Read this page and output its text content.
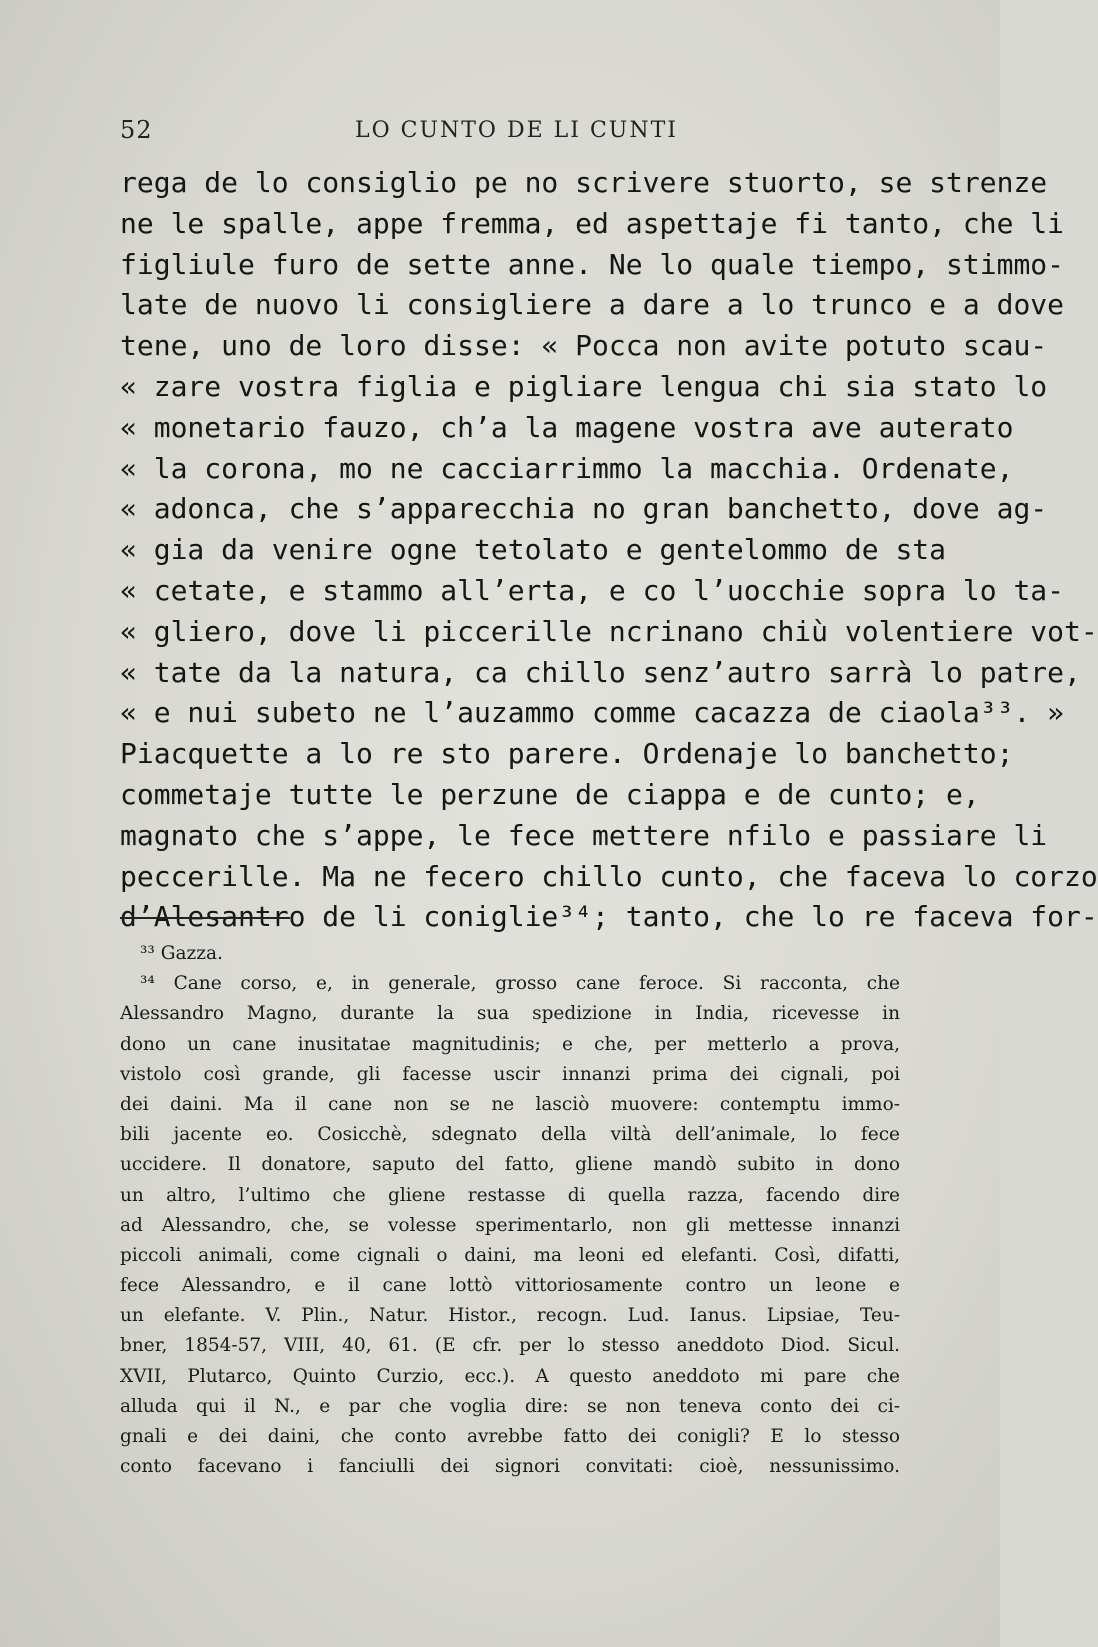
52	LO CUNTO DE LI CUNTI
rega de lo consiglio pe no scrivere stuorto, se strenze
ne le spalle, appe fremma, ed aspettaje fi tanto, che li
figliule furo de sette anne. Ne lo quale tiempo, stimmo-
late de nuovo li consigliere a dare a lo trunco e a dove
tene, uno de loro disse: « Pocca non avite potuto scau-
« zare vostra figlia e pigliare lengua chi sia stato lo
« monetario fauzo, ch’a la magene vostra ave auterato
« la corona, mo ne cacciarrimmo la macchia. Ordenate,
« adonca, che s’apparecchia no gran banchetto, dove ag-
« gia da venire ogne tetolato e gentelommo de sta
« cetate, e stammo all’erta, e co l’uocchie sopra lo ta-
« gliero, dove li piccerille ncrinano chiù volentiere vot-
« tate da la natura, ca chillo senz’autro sarrà lo patre,
« e nui subeto ne l’auzammo comme cacazza de ciaola³³. »
Piacquette a lo re sto parere. Ordenaje lo banchetto;
commetaje tutte le perzune de ciappa e de cunto; e,
magnato che s’appe, le fece mettere nfilo e passiare li
peccerille. Ma ne fecero chillo cunto, che faceva lo corzo
d’Alesantro de li coniglie³⁴; tanto, che lo re faceva for-
³³ Gazza.
³⁴ Cane corso, e, in generale, grosso cane feroce. Si racconta, che
Alessandro Magno, durante la sua spedizione in India, ricevesse in
dono un cane inusitatae magnitudinis; e che, per metterlo a prova,
vistolo così grande, gli facesse uscir innanzi prima dei cignali, poi
dei daini. Ma il cane non se ne lasciò muovere: contemptu immo-
bili jacente eo. Cosicchè, sdegnato della viltà dell’animale, lo fece
uccidere. Il donatore, saputo del fatto, gliene mandò subito in dono
un altro, l’ultimo che gliene restasse di quella razza, facendo dire
ad Alessandro, che, se volesse sperimentarlo, non gli mettesse innanzi
piccoli animali, come cignali o daini, ma leoni ed elefanti. Così, difatti,
fece Alessandro, e il cane lottò vittoriosamente contro un leone e
un elefante. V. Plin., Natur. Histor., recogn. Lud. Ianus. Lipsiae, Teu-
bner, 1854-57, VIII, 40, 61. (E cfr. per lo stesso aneddoto Diod. Sicul.
XVII, Plutarco, Quinto Curzio, ecc.). A questo aneddoto mi pare che
alluda qui il N., e par che voglia dire: se non teneva conto dei ci-
gnali e dei daini, che conto avrebbe fatto dei conigli? E lo stesso
conto facevano i fanciulli dei signori convitati: cioè, nessunissimo.
